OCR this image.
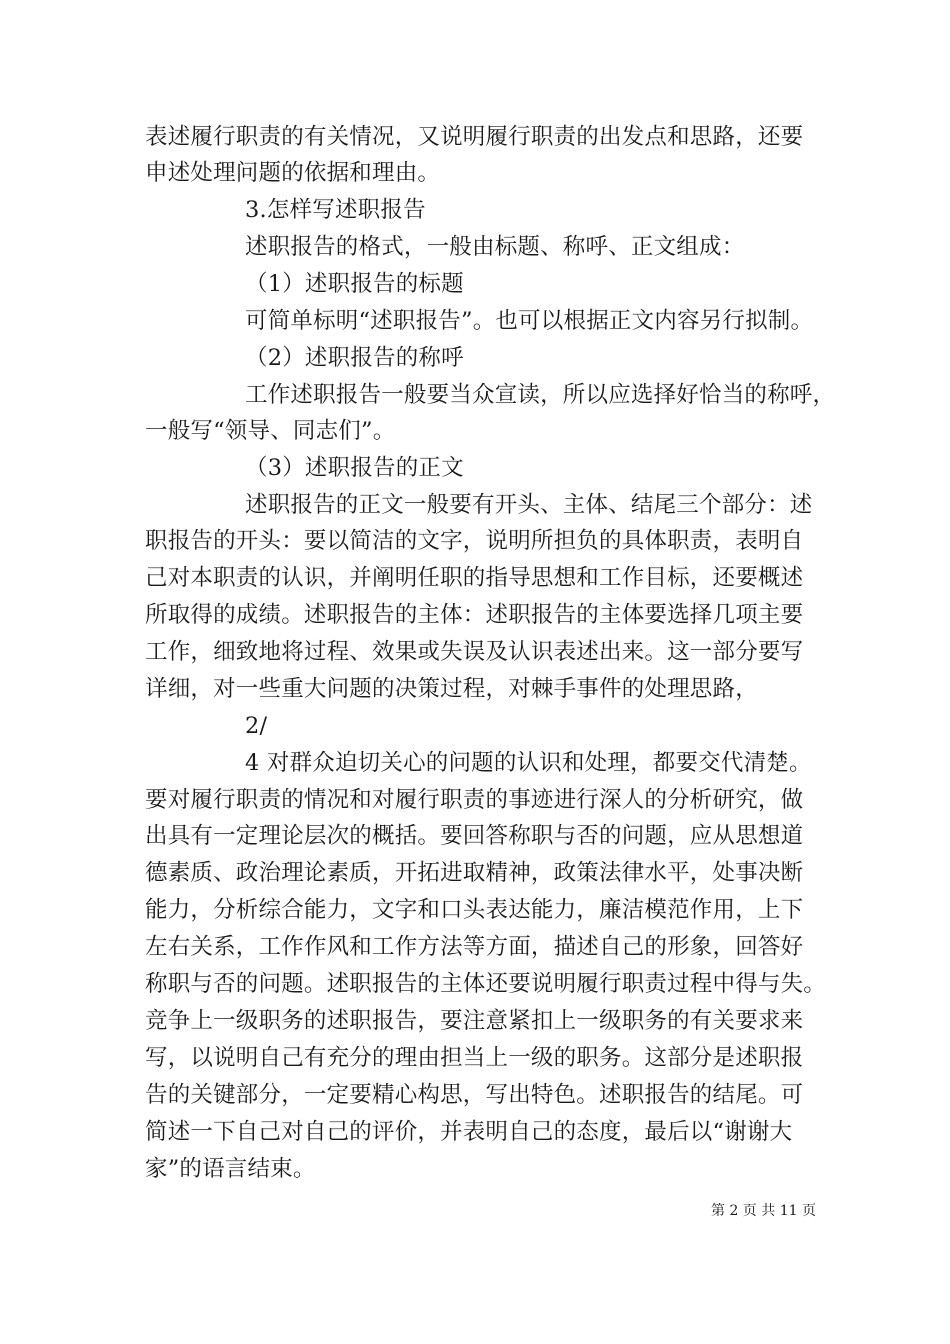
表述履行职责的有关情况，又说明履行职责的出发点和思路，还要
申述处理问题的依据和理由。
3.怎样写述职报告
述职报告的格式，一般由标题、称呼、正文组成：
（1）述职报告的标题
可简单标明“述职报告”。也可以根据正文内容另行拟制。
（2）述职报告的称呼
工作述职报告一般要当众宣读，所以应选择好恰当的称呼，
一般写“领导、同志们”。
（3）述职报告的正文
述职报告的正文一般要有开头、主体、结尾三个部分：述
职报告的开头：要以简洁的文字，说明所担负的具体职责，表明自
己对本职责的认识，并阐明任职的指导思想和工作目标，还要概述
所取得的成绩。述职报告的主体：述职报告的主体要选择几项主要
工作，细致地将过程、效果或失误及认识表述出来。这一部分要写
详细，对一些重大问题的决策过程，对棘手事件的处理思路，
2/
4 对群众迫切关心的问题的认识和处理，都要交代清楚。
要对履行职责的情况和对履行职责的事迹进行深人的分析研究，做
出具有一定理论层次的概括。要回答称职与否的问题，应从思想道
德素质、政治理论素质，开拓进取精神，政策法律水平，处事决断
能力，分析综合能力，文字和口头表达能力，廉洁模范作用，上下
左右关系，工作作风和工作方法等方面，描述自己的形象，回答好
称职与否的问题。述职报告的主体还要说明履行职责过程中得与失。
竞争上一级职务的述职报告，要注意紧扣上一级职务的有关要求来
写，以说明自己有充分的理由担当上一级的职务。这部分是述职报
告的关键部分，一定要精心构思，写出特色。述职报告的结尾。可
简述一下自己对自己的评价，并表明自己的态度，最后以“谢谢大
家”的语言结束。
第 2 页 共 11 页
